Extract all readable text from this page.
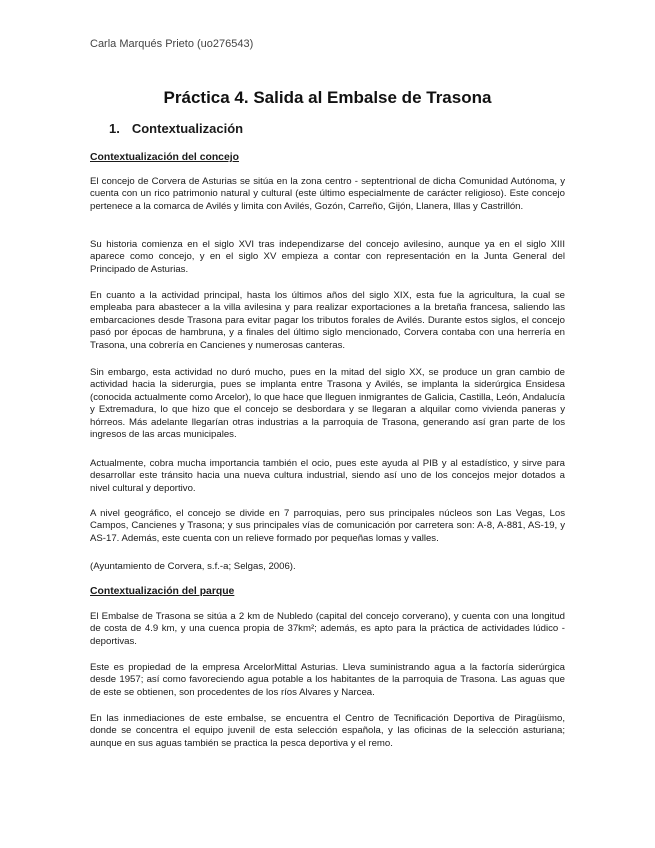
Carla Marqués Prieto (uo276543)
Práctica 4. Salida al Embalse de Trasona
1. Contextualización
Contextualización del concejo

El concejo de Corvera de Asturias se sitúa en la zona centro - septentrional de dicha Comunidad Autónoma, y cuenta con un rico patrimonio natural y cultural (este último especialmente de carácter religioso). Este concejo pertenece a la comarca de Avilés y limita con Avilés, Gozón, Carreño, Gijón, Llanera, Illas y Castrillón.

Su historia comienza en el siglo XVI tras independizarse del concejo avilesino, aunque ya en el siglo XIII aparece como concejo, y en el siglo XV empieza a contar con representación en la Junta General del Principado de Asturias.

En cuanto a la actividad principal, hasta los últimos años del siglo XIX, esta fue la agricultura, la cual se empleaba para abastecer a la villa avilesina y para realizar exportaciones a la bretaña francesa, saliendo las embarcaciones desde Trasona para evitar pagar los tributos forales de Avilés. Durante estos siglos, el concejo pasó por épocas de hambruna, y a finales del último siglo mencionado, Corvera contaba con una herrería en Trasona, una cobrería en Cancienes y numerosas canteras.

Sin embargo, esta actividad no duró mucho, pues en la mitad del siglo XX, se produce un gran cambio de actividad hacia la siderurgia, pues se implanta entre Trasona y Avilés, se implanta la siderúrgica Ensidesa (conocida actualmente como Arcelor), lo que hace que lleguen inmigrantes de Galicia, Castilla, León, Andalucía y Extremadura, lo que hizo que el concejo se desbordara y se llegaran a alquilar como vivienda paneras y hórreos. Más adelante llegarían otras industrias a la parroquia de Trasona, generando así gran parte de los ingresos de las arcas municipales.

Actualmente, cobra mucha importancia también el ocio, pues este ayuda al PIB y al estadístico, y sirve para desarrollar este tránsito hacia una nueva cultura industrial, siendo así uno de los concejos mejor dotados a nivel cultural y deportivo.

A nivel geográfico, el concejo se divide en 7 parroquias, pero sus principales núcleos son Las Vegas, Los Campos, Cancienes y Trasona; y sus principales vías de comunicación por carretera son: A-8, A-881, AS-19, y AS-17. Además, este cuenta con un relieve formado por pequeñas lomas y valles.

(Ayuntamiento de Corvera, s.f.-a; Selgas, 2006).
Contextualización del parque

El Embalse de Trasona se sitúa a 2 km de Nubledo (capital del concejo corverano), y cuenta con una longitud de costa de 4.9 km, y una cuenca propia de 37km²; además, es apto para la práctica de actividades lúdico - deportivas.

Este es propiedad de la empresa ArcelorMittal Asturias. Lleva suministrando agua a la factoría siderúrgica desde 1957; así como favoreciendo agua potable a los habitantes de la parroquia de Trasona. Las aguas que de este se obtienen, son procedentes de los ríos Alvares y Narcea.

En las inmediaciones de este embalse, se encuentra el Centro de Tecnificación Deportiva de Piragüismo, donde se concentra el equipo juvenil de esta selección española, y las oficinas de la selección asturiana; aunque en sus aguas también se practica la pesca deportiva y el remo.
